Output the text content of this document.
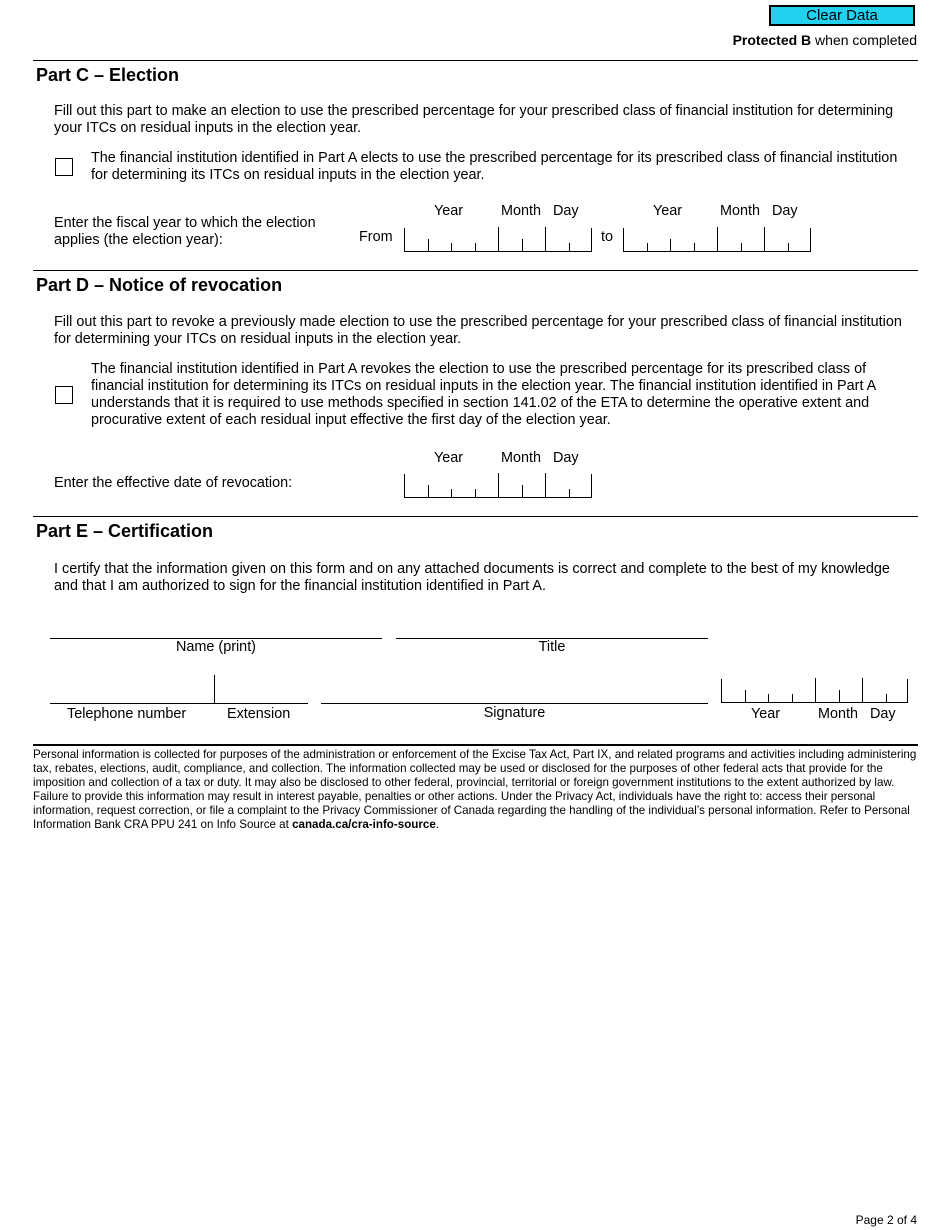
Clear Data
Protected B when completed
Part C – Election
Fill out this part to make an election to use the prescribed percentage for your prescribed class of financial institution for determining your ITCs on residual inputs in the election year.
The financial institution identified in Part A elects to use the prescribed percentage for its prescribed class of financial institution for determining its ITCs on residual inputs in the election year.
Enter the fiscal year to which the election
applies (the election year):	From	to
Year	Month Day	Year	Month Day
Part D – Notice of revocation
Fill out this part to revoke a previously made election to use the prescribed percentage for your prescribed class of financial institution for determining your ITCs on residual inputs in the election year.
The financial institution identified in Part A revokes the election to use the prescribed percentage for its prescribed class of financial institution for determining its ITCs on residual inputs in the election year. The financial institution identified in Part A understands that it is required to use methods specified in section 141.02 of the ETA to determine the operative extent and procurative extent of each residual input effective the first day of the election year.
Enter the effective date of revocation:
Year	Month Day
Part E – Certification
I certify that the information given on this form and on any attached documents is correct and complete to the best of my knowledge and that I am authorized to sign for the financial institution identified in Part A.
Name (print)	Title
Telephone number	Extension	Signature	Year	Month Day
Personal information is collected for purposes of the administration or enforcement of the Excise Tax Act, Part IX, and related programs and activities including administering tax, rebates, elections, audit, compliance, and collection. The information collected may be used or disclosed for the purposes of other federal acts that provide for the imposition and collection of a tax or duty. It may also be disclosed to other federal, provincial, territorial or foreign government institutions to the extent authorized by law. Failure to provide this information may result in interest payable, penalties or other actions. Under the Privacy Act, individuals have the right to: access their personal information, request correction, or file a complaint to the Privacy Commissioner of Canada regarding the handling of the individual’s personal information. Refer to Personal Information Bank CRA PPU 241 on Info Source at canada.ca/cra-info-source.
Page 2 of 4
